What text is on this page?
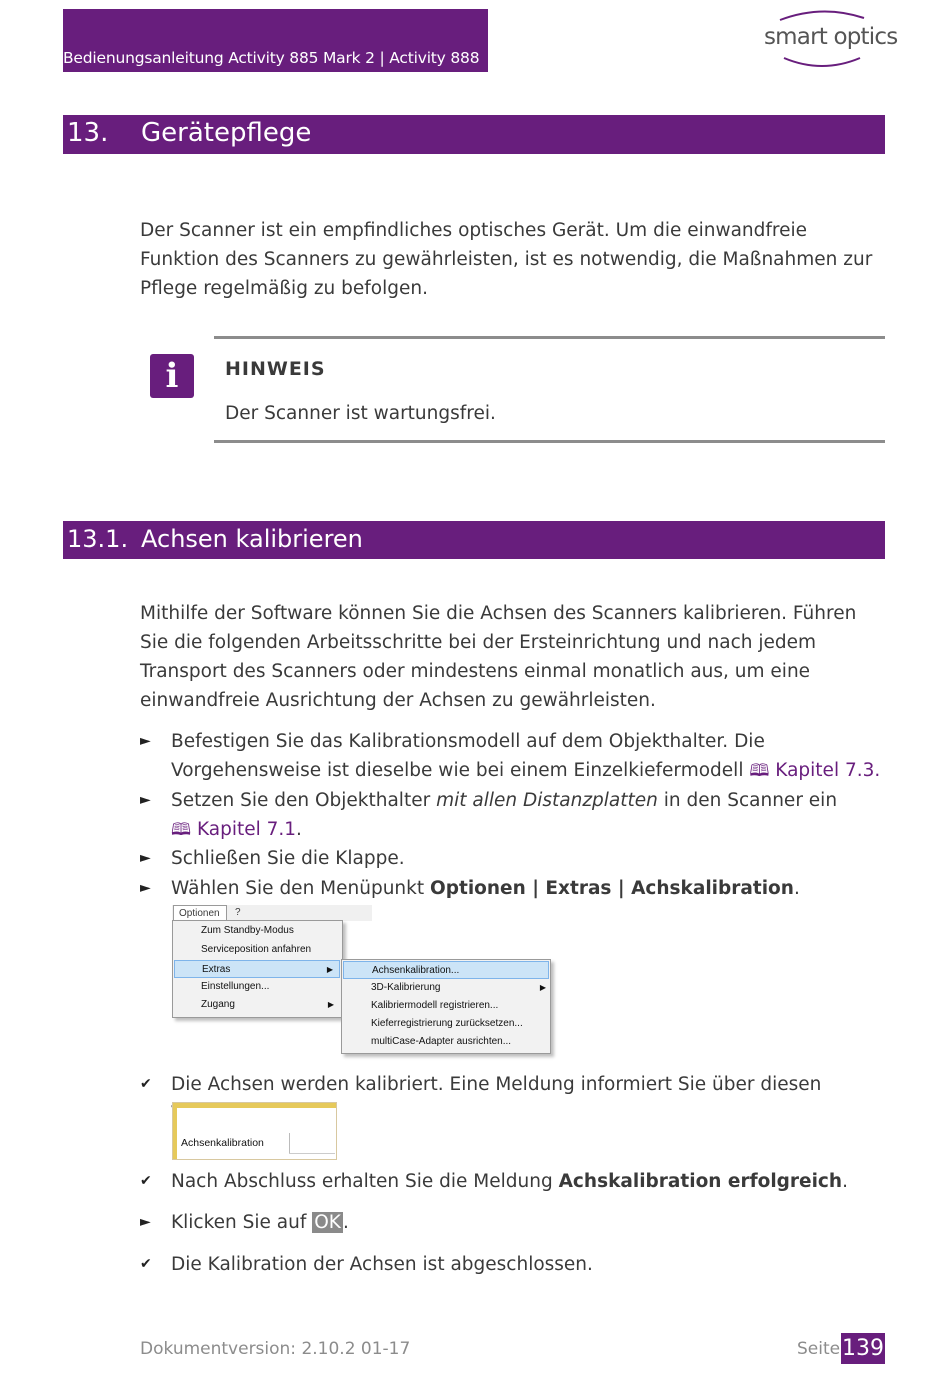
Bedienungsanleitung Activity 885 Mark 2 | Activity 888
smart optics
13. Gerätepflege
Der Scanner ist ein empfindliches optisches Gerät. Um die einwandfreie Funktion des Scanners zu gewährleisten, ist es notwendig, die Maßnahmen zur Pflege regelmäßig zu befolgen.
i	HINWEIS
Der Scanner ist wartungsfrei.
13.1. Achsen kalibrieren
Mithilfe der Software können Sie die Achsen des Scanners kalibrieren. Führen Sie die folgenden Arbeitsschritte bei der Ersteinrichtung und nach jedem Transport des Scanners oder mindestens einmal monatlich aus, um eine einwandfreie Ausrichtung der Achsen zu gewährleisten.
►	Befestigen Sie das Kalibrationsmodell auf dem Objekthalter. Die Vorgehensweise ist dieselbe wie bei einem Einzelkiefermodell 🕮 Kapitel 7.3.
►	Setzen Sie den Objekthalter mit allen Distanzplatten in den Scanner ein
🕮 Kapitel 7.1.
►	Schließen Sie die Klappe.
►	Wählen Sie den Menüpunkt Optionen | Extras | Achskalibration.
Optionen	?
Zum Standby-Modus
Serviceposition anfahren
Extras	▶
Einstellungen...
Zugang	▶
Achsenkalibration...
3D-Kalibrierung	▶
Kalibriermodell registrieren...
Kieferregistrierung zurücksetzen...
multiCase-Adapter ausrichten...
✔	Die Achsen werden kalibriert. Eine Meldung informiert Sie über diesen
Achsenkalibration
✔	Nach Abschluss erhalten Sie die Meldung Achskalibration erfolgreich.
►	Klicken Sie auf OK .
✔	Die Kalibration der Achsen ist abgeschlossen.
Dokumentversion: 2.10.2 01-17	Seite 139
